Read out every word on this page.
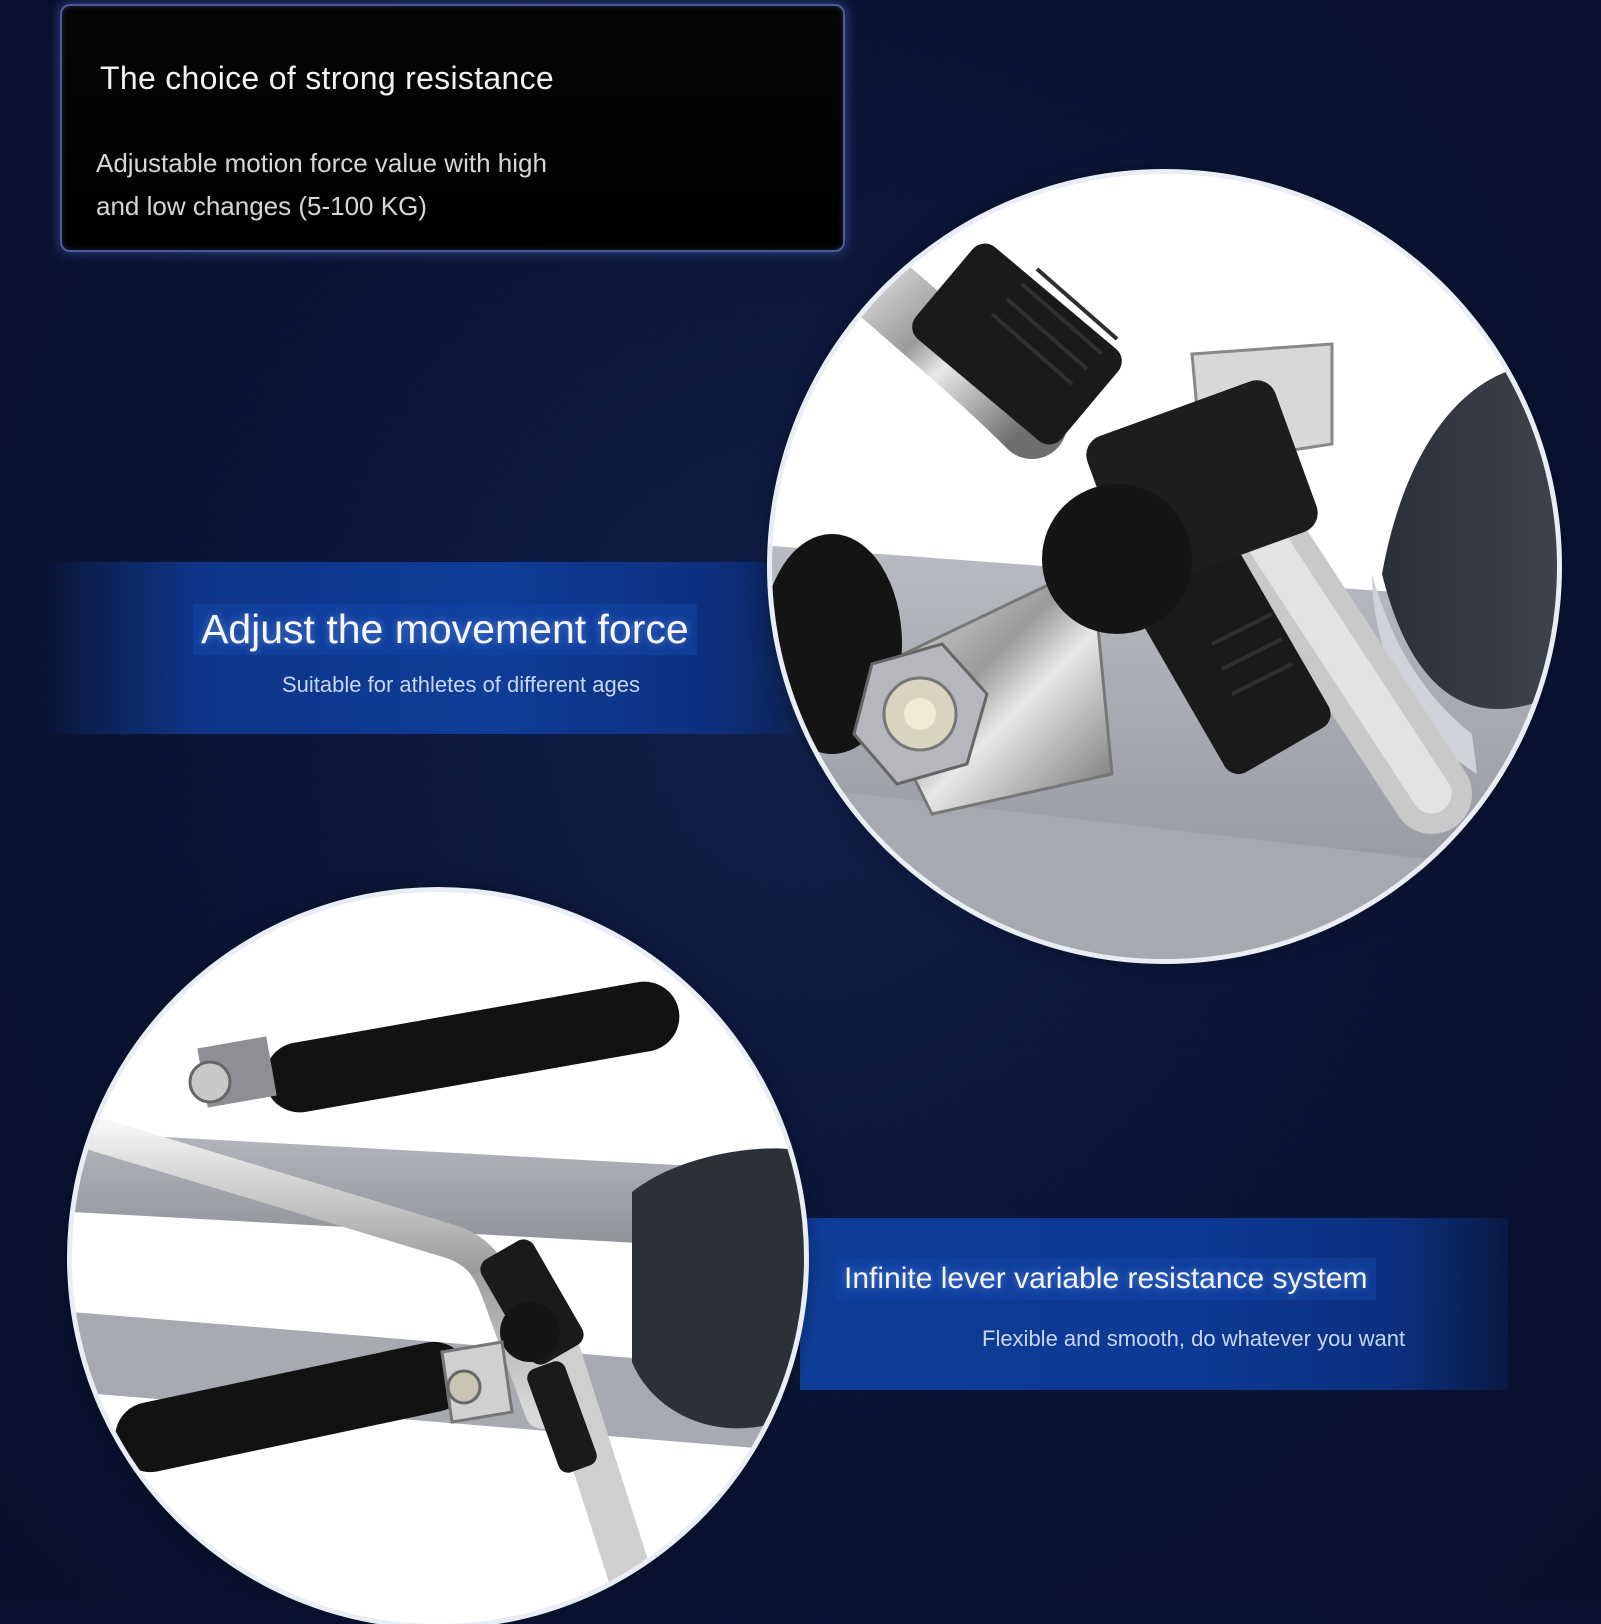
The choice of strong resistance

Adjustable motion force value with high and low changes (5-100 KG)

Adjust the movement force

Suitable for athletes of different ages

Infinite lever variable resistance system

Flexible and smooth, do whatever you want
